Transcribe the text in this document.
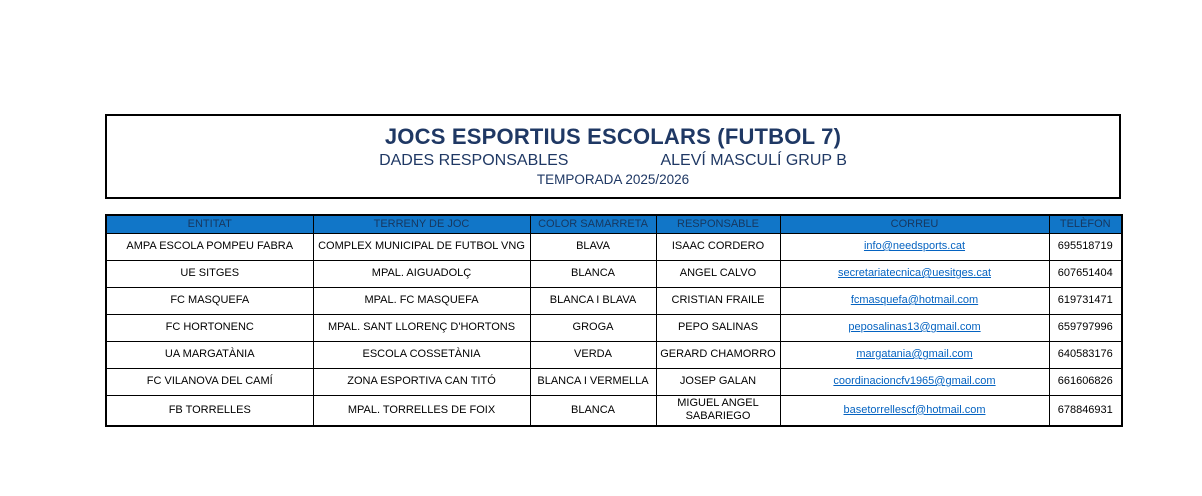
JOCS ESPORTIUS ESCOLARS (FUTBOL 7)
DADES RESPONSABLES	ALEVÍ MASCULÍ GRUP B
TEMPORADA 2025/2026
ENTITAT	TERRENY DE JOC	COLOR SAMARRETA	RESPONSABLE	CORREU	TELÈFON
AMPA ESCOLA POMPEU FABRA	COMPLEX MUNICIPAL DE FUTBOL VNG	BLAVA	ISAAC CORDERO	info@needsports.cat	695518719
UE SITGES	MPAL. AIGUADOLÇ	BLANCA	ANGEL CALVO	secretariatecnica@uesitges.cat	607651404
FC MASQUEFA	MPAL. FC MASQUEFA	BLANCA I BLAVA	CRISTIAN FRAILE	fcmasquefa@hotmail.com	619731471
FC HORTONENC	MPAL. SANT LLORENÇ D'HORTONS	GROGA	PEPO SALINAS	peposalinas13@gmail.com	659797996
UA MARGATÀNIA	ESCOLA COSSETÀNIA	VERDA	GERARD CHAMORRO	margatania@gmail.com	640583176
FC VILANOVA DEL CAMÍ	ZONA ESPORTIVA CAN TITÓ	BLANCA I VERMELLA	JOSEP GALAN	coordinacioncfv1965@gmail.com	661606826
FB TORRELLES	MPAL. TORRELLES DE FOIX	BLANCA	MIGUEL ANGEL SABARIEGO	basetorrellescf@hotmail.com	678846931
